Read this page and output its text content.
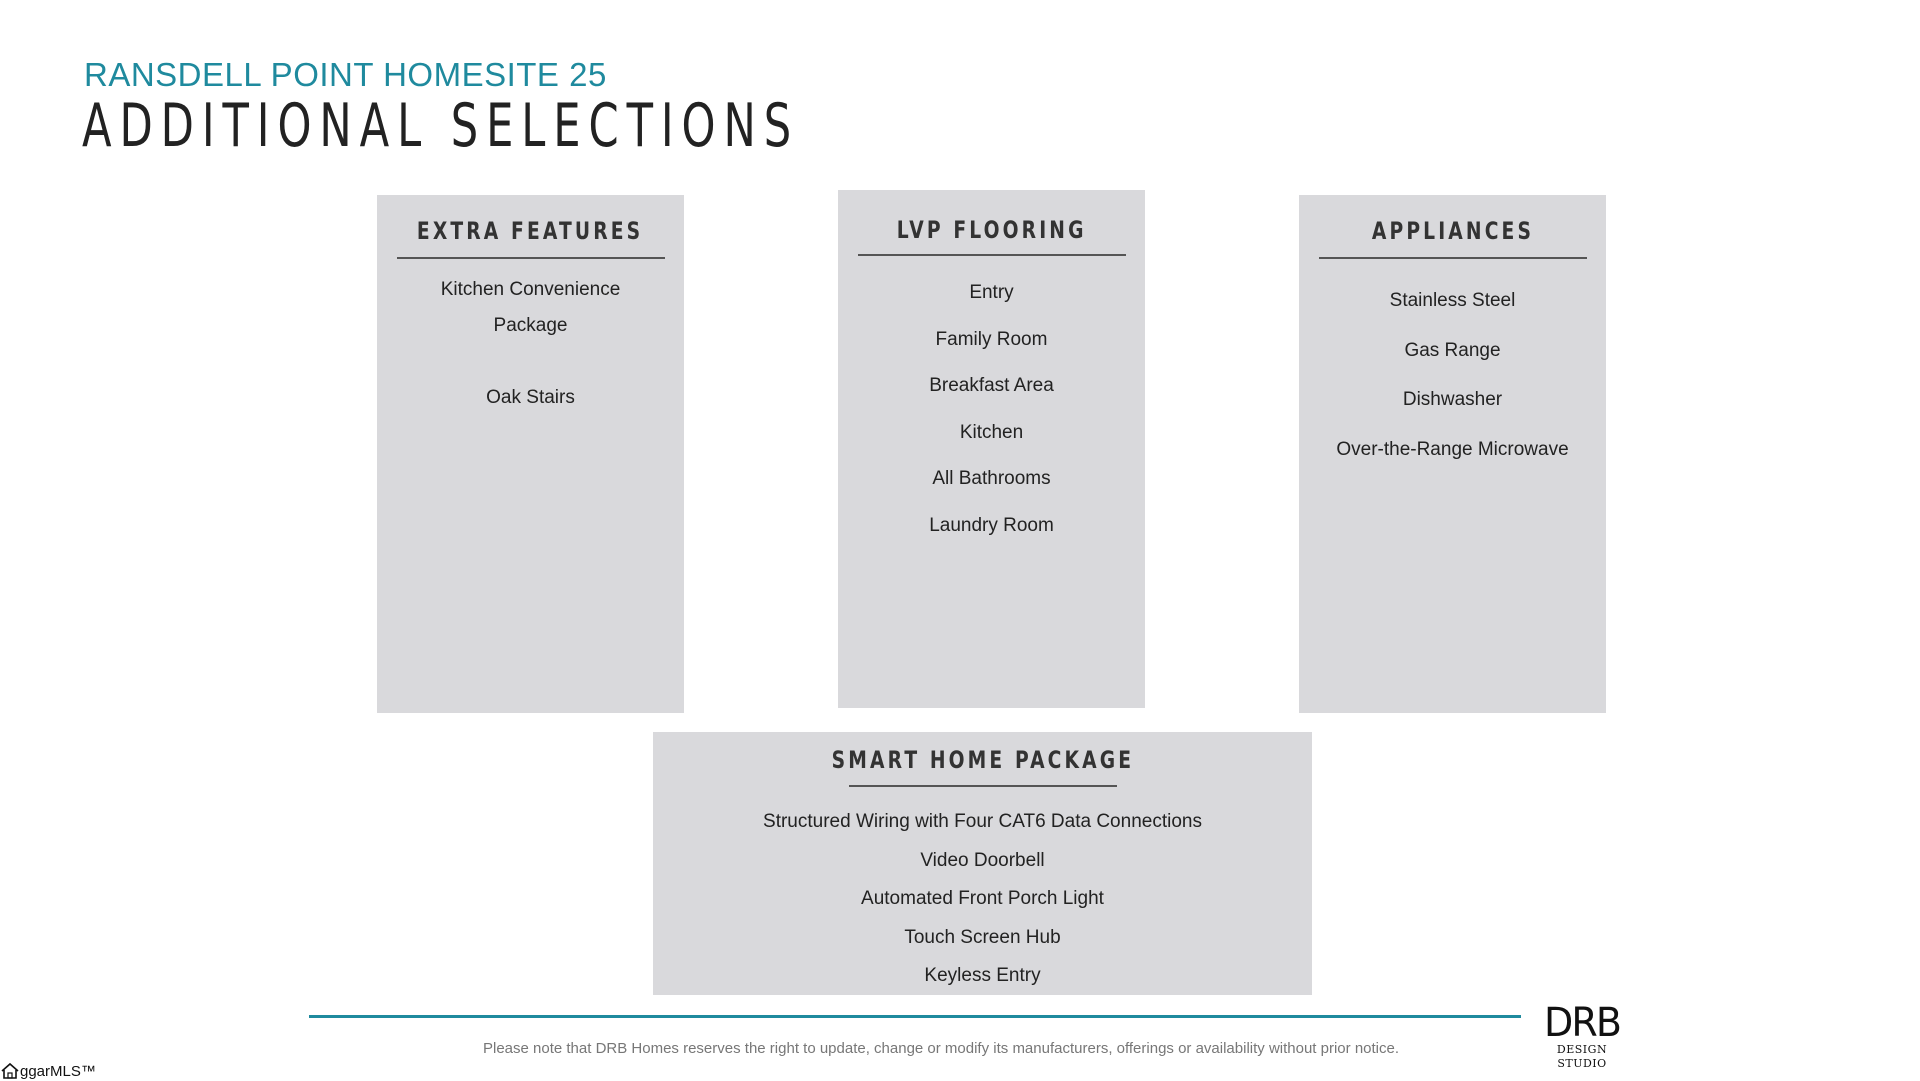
RANSDELL POINT HOMESITE 25
ADDITIONAL SELECTIONS
EXTRA FEATURES
Kitchen Convenience Package
Oak Stairs
LVP FLOORING
Entry
Family Room
Breakfast Area
Kitchen
All Bathrooms
Laundry Room
APPLIANCES
Stainless Steel
Gas Range
Dishwasher
Over-the-Range Microwave
SMART HOME PACKAGE
Structured Wiring with Four CAT6 Data Connections
Video Doorbell
Automated Front Porch Light
Touch Screen Hub
Keyless Entry
Please note that DRB Homes reserves the right to update, change or modify its manufacturers, offerings or availability without prior notice.
DRB
DESIGN STUDIO
ggarMLS™
